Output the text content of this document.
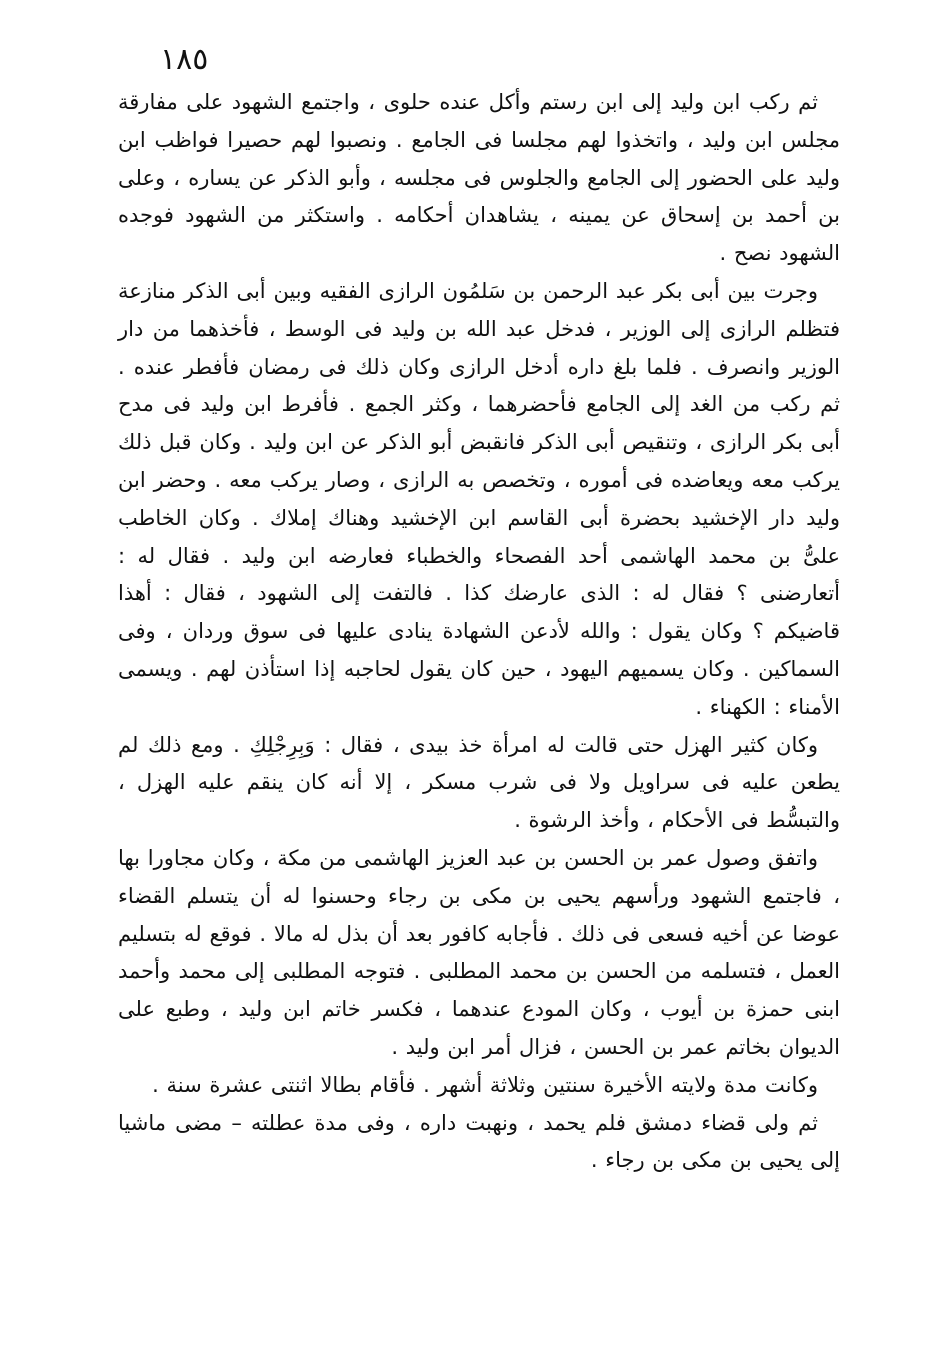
١٨٥

ثم ركب ابن وليد إلى ابن رستم وأكل عنده حلوى ، واجتمع الشهود على مفارقة مجلس ابن وليد ، واتخذوا لهم مجلسا فى الجامع . ونصبوا لهم حصيرا فواظب ابن وليد على الحضور إلى الجامع والجلوس فى مجلسه ، وأبو الذكر عن يساره ، وعلى بن أحمد بن إسحاق عن يمينه ، يشاهدان أحكامه . واستكثر من الشهود فوجده الشهود نصح .

وجرت بين أبى بكر عبد الرحمن بن سَلمُون الرازى الفقيه وبين أبى الذكر منازعة فتظلم الرازى إلى الوزير ، فدخل عبد الله بن وليد فى الوسط ، فأخذهما من دار الوزير وانصرف . فلما بلغ داره أدخل الرازى وكان ذلك فى رمضان فأفطر عنده . ثم ركب من الغد إلى الجامع فأحضرهما ، وكثر الجمع . فأفرط ابن وليد فى مدح أبى بكر الرازى ، وتنقيص أبى الذكر فانقبض أبو الذكر عن ابن وليد . وكان قبل ذلك يركب معه ويعاضده فى أموره ، وتخصص به الرازى ، وصار يركب معه . وحضر ابن وليد دار الإخشيد بحضرة أبى القاسم ابن الإخشيد وهناك إملاك . وكان الخاطب علىُّ بن محمد الهاشمى أحد الفصحاء والخطباء فعارضه ابن وليد . فقال له : أتعارضنى ؟ فقال له : الذى عارضك كذا . فالتفت إلى الشهود ، فقال : أهذا قاضيكم ؟ وكان يقول : والله لأدعن الشهادة ينادى عليها فى سوق وردان ، وفى السماكين . وكان يسميهم اليهود ، حين كان يقول لحاجبه إذا استأذن لهم . ويسمى الأمناء : الكهناء .

وكان كثير الهزل حتى قالت له امرأة خذ بيدى ، فقال : وَبِرِجْلِكِ . ومع ذلك لم يطعن عليه فى سراويل ولا فى شرب مسكر ، إلا أنه كان ينقم عليه الهزل ، والتبسُّط فى الأحكام ، وأخذ الرشوة .

واتفق وصول عمر بن الحسن بن عبد العزيز الهاشمى من مكة ، وكان مجاورا بها ، فاجتمع الشهود ورأسهم يحيى بن مكى بن رجاء وحسنوا له أن يتسلم القضاء عوضا عن أخيه فسعى فى ذلك . فأجابه كافور بعد أن بذل له مالا . فوقع له بتسليم العمل ، فتسلمه من الحسن بن محمد المطلبى . فتوجه المطلبى إلى محمد وأحمد ابنى حمزة بن أيوب ، وكان المودع عندهما ، فكسر خاتم ابن وليد ، وطبع على الديوان بخاتم عمر بن الحسن ، فزال أمر ابن وليد .

وكانت مدة ولايته الأخيرة سنتين وثلاثة أشهر . فأقام بطالا اثنتى عشرة سنة .

ثم ولى قضاء دمشق فلم يحمد ، ونهبت داره ، وفى مدة عطلته – مضى ماشيا إلى يحيى بن مكى بن رجاء .
